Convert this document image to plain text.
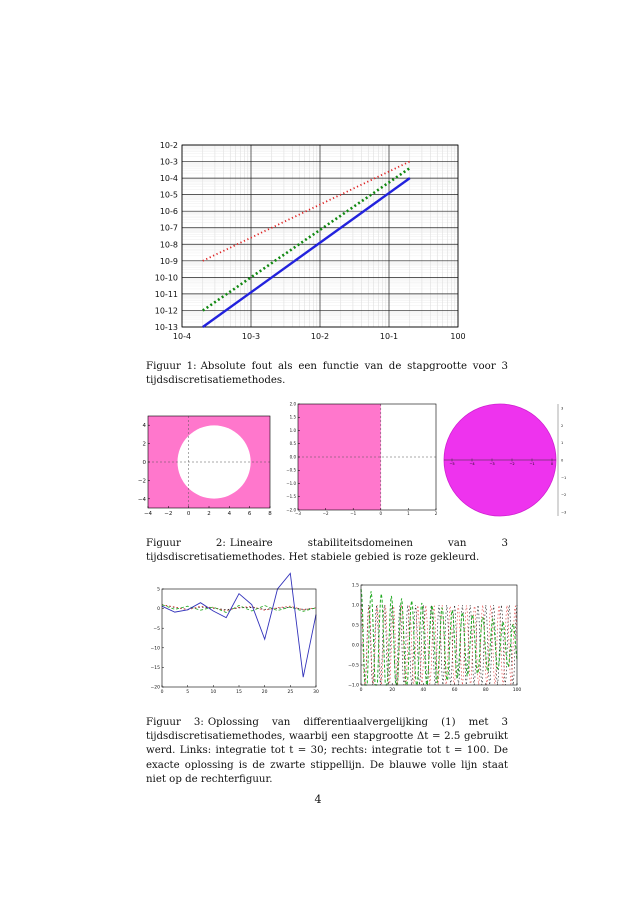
10-4	10-3	10-2	10-1	100
10-13
10-12
10-11
10-10
10-9
10-8
10-7
10-6
10-5
10-4
10-3
10-2
Figuur 1: Absolute fout als een functie van de stapgrootte voor 3 tijdsdiscretisatiemethodes.
−4 −2	0	2	4	6	8
4
2
0
−2
−4
−3	−2	−1	0	1	2
2.0
1.5
1.0
0.5
0.0
−0.5
−1.0
−1.5
−2.0
−5	−4	−3	−2	−1	0
3
2
1
0
−1
−2
−3
Figuur 2: Lineaire stabiliteitsdomeinen van 3 tijdsdiscretisatiemethodes. Het stabiele gebied is roze gekleurd.
0	5	10	15	20	25	30
5
0
−5
−10
−15
−20	0	20	40	60	80	100
1.5
1.0
0.5
0.0
−0.5
−1.0
Figuur 3: Oplossing van differentiaalvergelijking (1) met 3 tijdsdiscretisatiemethodes, waarbij een stapgrootte Δt = 2.5 gebruikt werd. Links: integratie tot t = 30; rechts: integratie tot t = 100. De exacte oplossing is de zwarte stippellijn. De blauwe volle lijn staat niet op de rechterfiguur.
4
